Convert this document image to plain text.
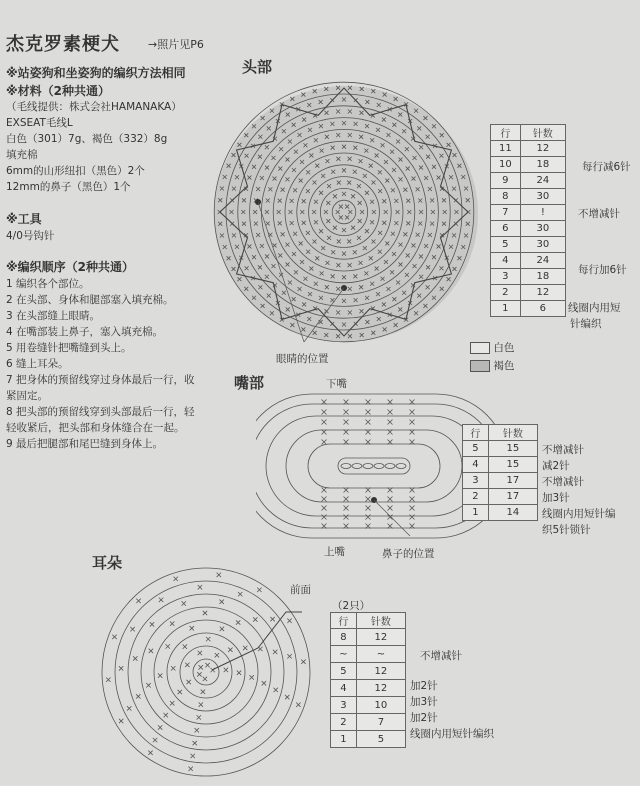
杰克罗素梗犬	→照片见P6
※站姿狗和坐姿狗的编织方法相同
※材料（2种共通）
（毛线提供：株式会社HAMANAKA）
EXSEAT毛线L
白色（301）7g、褐色（332）8g
填充棉
6mm的山形纽扣（黑色）2个
12mm的鼻子（黑色）1个
※工具
4/0号钩针
※编织顺序（2种共通）
1 编织各个部位。
2 在头部、身体和腿部塞入填充棉。
3 在头部缝上眼睛。
4 在嘴部装上鼻子，塞入填充棉。
5 用卷缝针把嘴缝到头上。
6 缝上耳朵。
7 把身体的预留线穿过身体最后一行，收
紧固定。
8 把头部的预留线穿到头部最后一行，轻
轻收紧后，把头部和身体缝合在一起。
9 最后把腿部和尾巴缝到身体上。
头部
眼睛的位置
行	针数
11	12
10	18
9	24
8	30
7	!
6	30
5	30
4	24
3	18
2	12
1	6
每行减6针
不增减针
每行加6针
线圈内用短
针编织
白色
褐色
嘴部	下嘴
上嘴	鼻子的位置
行	针数
5	15
4	15
3	17
2	17
1	14
不增减针
减2针
不增减针
加3针
线圈内用短针编
织5针锁针
耳朵
前面
（2只）
行	针数
8	12
~	~
5	12
4	12
3	10
2	7
1	5
不增减针
加2针
加3针
加2针
线圈内用短针编织
